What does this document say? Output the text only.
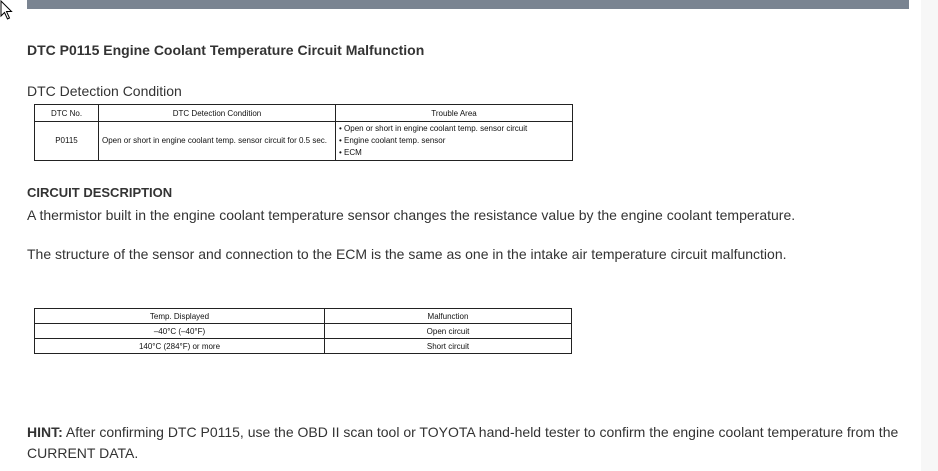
DTC P0115 Engine Coolant Temperature Circuit Malfunction
DTC Detection Condition
DTC No.	DTC Detection Condition	Trouble Area
P0115	Open or short in engine coolant temp. sensor circuit for 0.5 sec.	• Open or short in engine coolant temp. sensor circuit
• Engine coolant temp. sensor
• ECM
CIRCUIT DESCRIPTION
A thermistor built in the engine coolant temperature sensor changes the resistance value by the engine coolant temperature.
The structure of the sensor and connection to the ECM is the same as one in the intake air temperature circuit malfunction.
Temp. Displayed	Malfunction
–40°C (–40°F)	Open circuit
140°C (284°F) or more	Short circuit
HINT: After confirming DTC P0115, use the OBD II scan tool or TOYOTA hand-held tester to confirm the engine coolant temperature from the CURRENT DATA.
